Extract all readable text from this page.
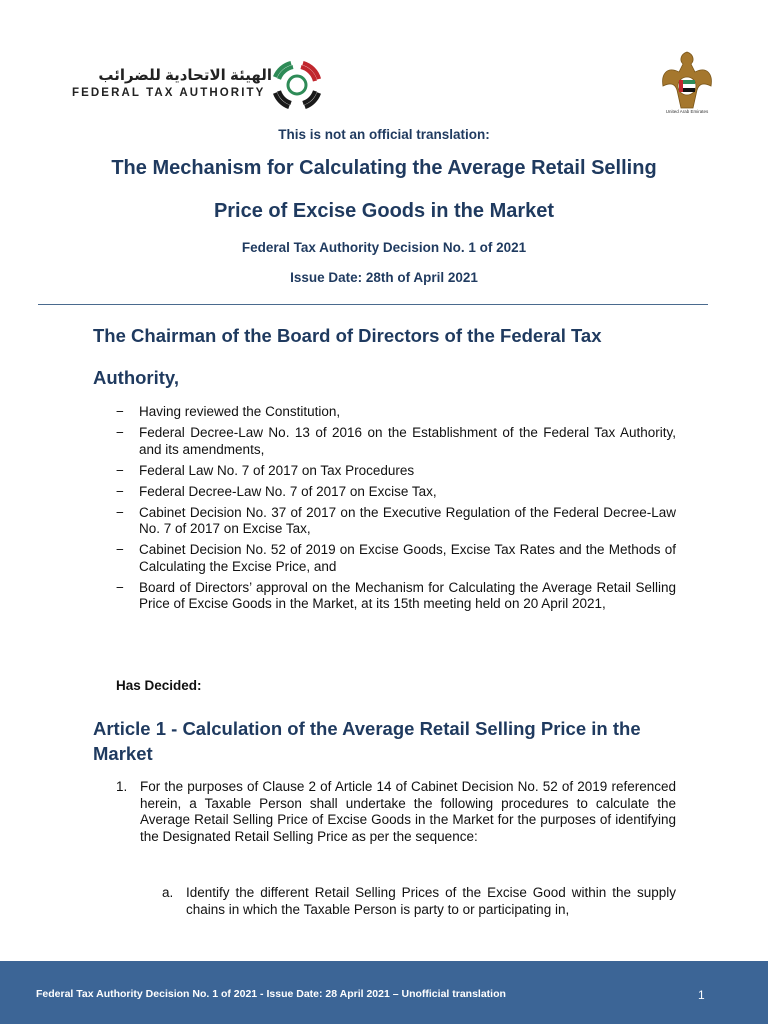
الهيئة الاتحادية للضرائب
FEDERAL TAX AUTHORITY
United Arab Emirates
This is not an official translation:
The Mechanism for Calculating the Average Retail Selling
Price of Excise Goods in the Market
Federal Tax Authority Decision No. 1 of 2021
Issue Date: 28th of April 2021
The Chairman of the Board of Directors of the Federal Tax
Authority,
− Having reviewed the Constitution,
− Federal Decree-Law No. 13 of 2016 on the Establishment of the Federal Tax Authority, and its amendments,
− Federal Law No. 7 of 2017 on Tax Procedures
− Federal Decree-Law No. 7 of 2017 on Excise Tax,
− Cabinet Decision No. 37 of 2017 on the Executive Regulation of the Federal Decree-Law No. 7 of 2017 on Excise Tax,
− Cabinet Decision No. 52 of 2019 on Excise Goods, Excise Tax Rates and the Methods of Calculating the Excise Price, and
− Board of Directors’ approval on the Mechanism for Calculating the Average Retail Selling Price of Excise Goods in the Market, at its 15th meeting held on 20 April 2021,
Has Decided:
Article 1 - Calculation of the Average Retail Selling Price in the Market
1. For the purposes of Clause 2 of Article 14 of Cabinet Decision No. 52 of 2019 referenced herein, a Taxable Person shall undertake the following procedures to calculate the Average Retail Selling Price of Excise Goods in the Market for the purposes of identifying the Designated Retail Selling Price as per the sequence:
a. Identify the different Retail Selling Prices of the Excise Good within the supply chains in which the Taxable Person is party to or participating in,
Federal Tax Authority Decision No. 1 of 2021 - Issue Date: 28 April 2021 – Unofficial translation	1
